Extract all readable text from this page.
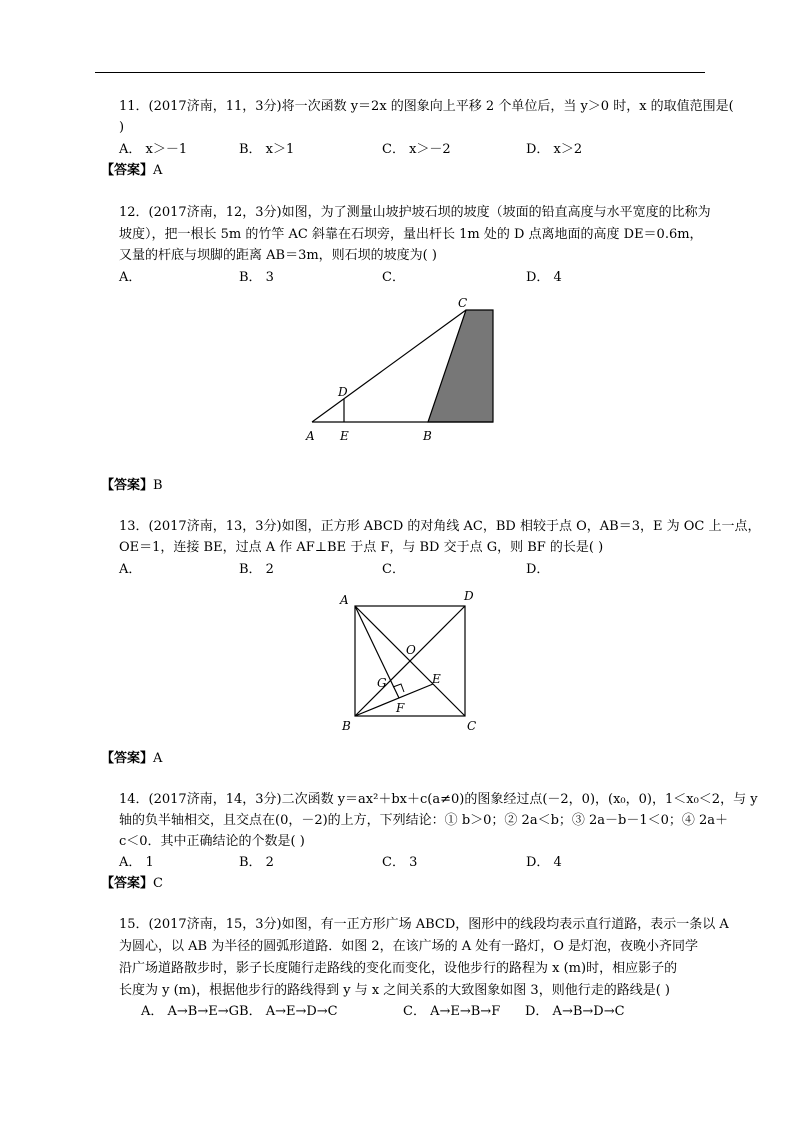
11．(2017济南，11，3分)将一次函数 y＝2x 的图象向上平移 2 个单位后，当 y＞0 时，x 的取值范围是(
)
A． x＞－1	B． x＞1	C． x＞－2	D． x＞2
【答案】A
12．(2017济南，12，3分)如图，为了测量山坡护坡石坝的坡度（坡面的铅直高度与水平宽度的比称为
坡度），把一根长 5m 的竹竿 AC 斜靠在石坝旁，量出杆长 1m 处的 D 点离地面的高度 DE＝0.6m，
又量的杆底与坝脚的距离 AB＝3m，则石坝的坡度为( )
A．	B． 3	C．	D． 4
C
D
A E	B
【答案】B
13．(2017济南，13，3分)如图，正方形 ABCD 的对角线 AC，BD 相较于点 O，AB＝3，E 为 OC 上一点，
OE＝1，连接 BE，过点 A 作 AF⊥BE 于点 F，与 BD 交于点 G，则 BF 的长是( )
A．	B． 2	C．	D．
A	D
O
E
G
F
B	C
【答案】A
14．(2017济南，14，3分)二次函数 y＝ax²＋bx＋c(a≠0)的图象经过点(－2，0)，(x₀，0)，1＜x₀＜2，与 y
轴的负半轴相交，且交点在(0，－2)的上方，下列结论：① b＞0；② 2a＜b；③ 2a－b－1＜0；④ 2a＋
c＜0．其中正确结论的个数是( )
A． 1	B． 2	C． 3	D． 4
【答案】C
15．(2017济南，15，3分)如图，有一正方形广场 ABCD，图形中的线段均表示直行道路，表示一条以 A
为圆心，以 AB 为半径的圆弧形道路．如图 2，在该广场的 A 处有一路灯，O 是灯泡，夜晚小齐同学
沿广场道路散步时，影子长度随行走路线的变化而变化，设他步行的路程为 x (m)时，相应影子的
长度为 y (m)，根据他步行的路线得到 y 与 x 之间关系的大致图象如图 3，则他行走的路线是( )
A． A→B→E→GB． A→E→D→C	C． A→E→B→F D． A→B→D→C
